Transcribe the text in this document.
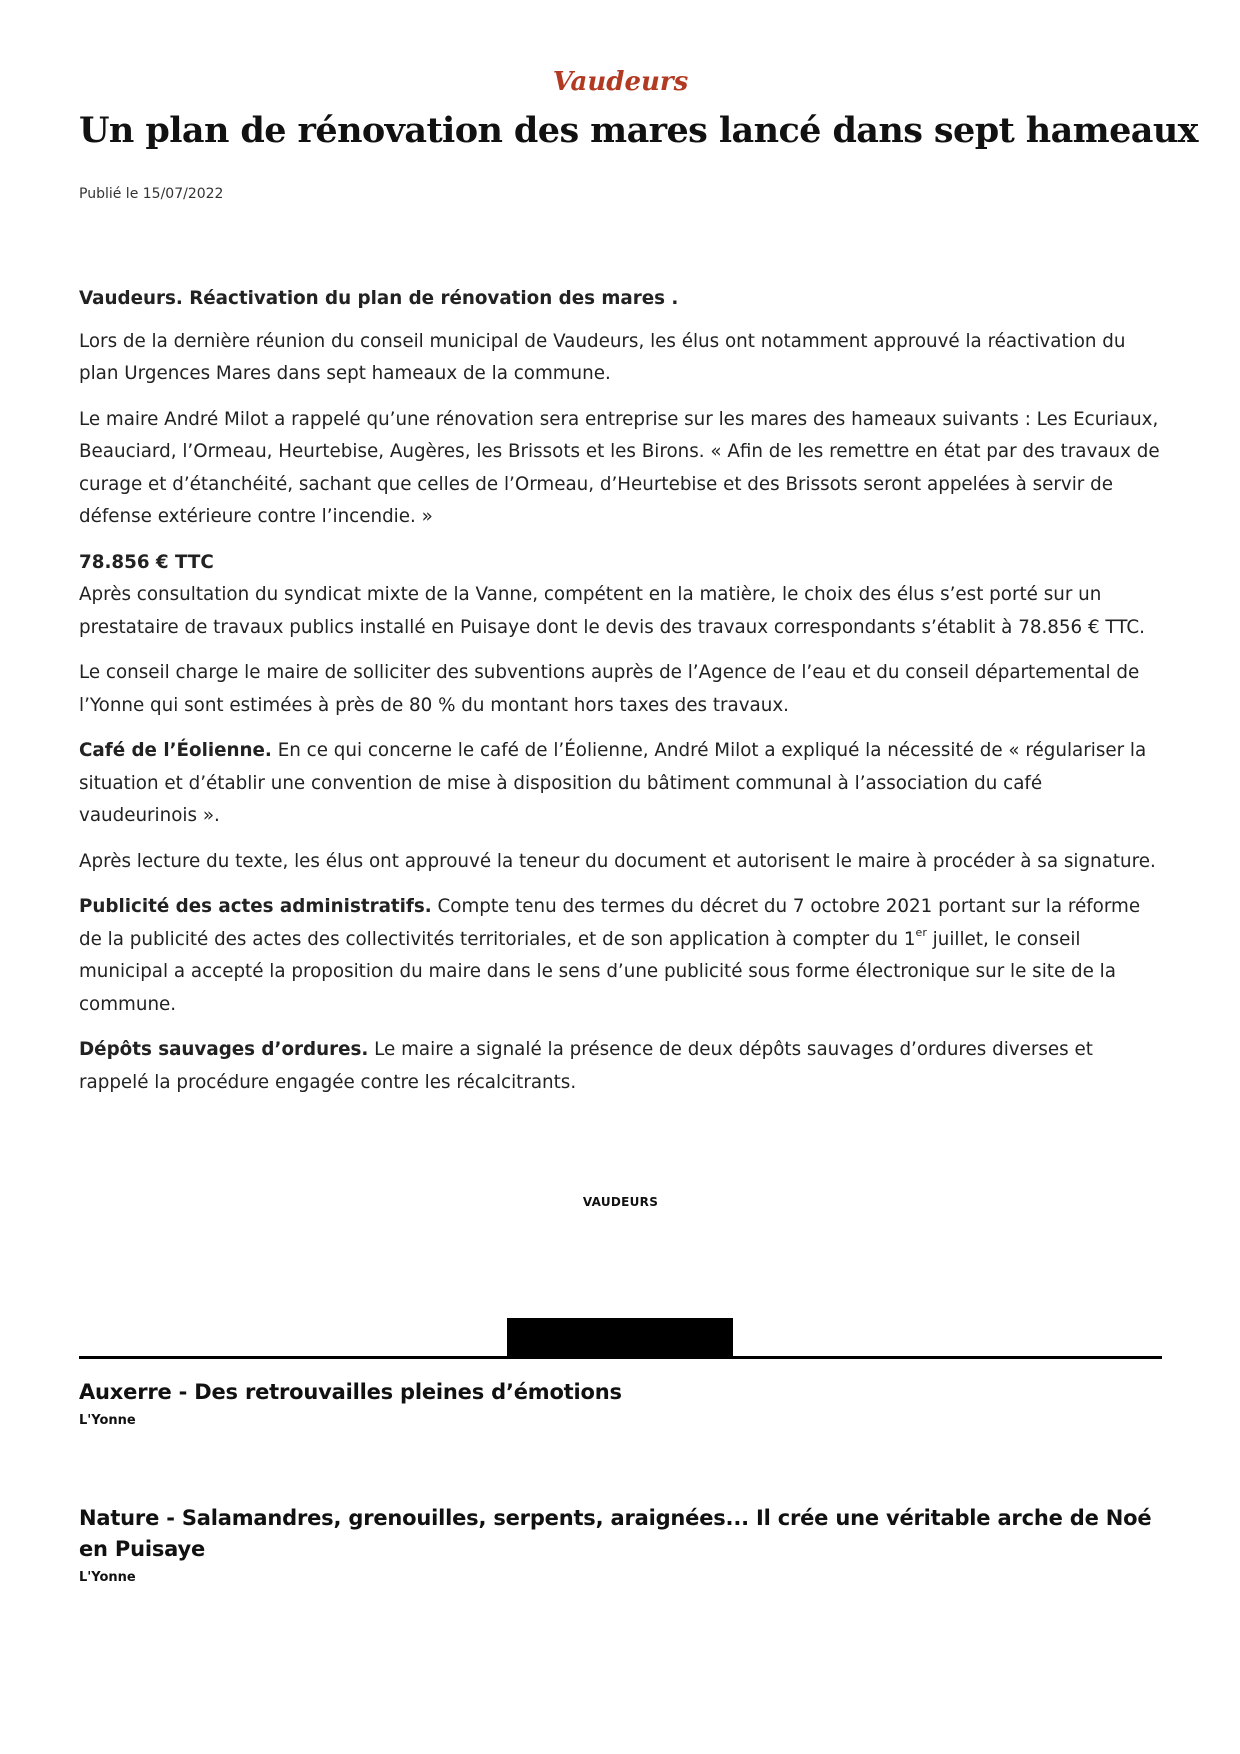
Vaudeurs
Un plan de rénovation des mares lancé dans sept hameaux
Publié le 15/07/2022

Vaudeurs. Réactivation du plan de rénovation des mares .

Lors de la dernière réunion du conseil municipal de Vaudeurs, les élus ont notamment approuvé la réactivation du plan Urgences Mares dans sept hameaux de la commune.

Le maire André Milot a rappelé qu’une rénovation sera entreprise sur les mares des hameaux suivants : Les Ecuriaux, Beauciard, l’Ormeau, Heurtebise, Augères, les Brissots et les Birons. « Afin de les remettre en état par des travaux de curage et d’étanchéité, sachant que celles de l’Ormeau, d’Heurtebise et des Brissots seront appelées à servir de défense extérieure contre l’incendie. »

78.856 € TTC
Après consultation du syndicat mixte de la Vanne, compétent en la matière, le choix des élus s’est porté sur un prestataire de travaux publics installé en Puisaye dont le devis des travaux correspondants s’établit à 78.856 € TTC.

Le conseil charge le maire de solliciter des subventions auprès de l’Agence de l’eau et du conseil départemental de l’Yonne qui sont estimées à près de 80 % du montant hors taxes des travaux.

Café de l’Éolienne. En ce qui concerne le café de l’Éolienne, André Milot a expliqué la nécessité de « régulariser la situation et d’établir une convention de mise à disposition du bâtiment communal à l’association du café vaudeurinois ».

Après lecture du texte, les élus ont approuvé la teneur du document et autorisent le maire à procéder à sa signature.

Publicité des actes administratifs. Compte tenu des termes du décret du 7 octobre 2021 portant sur la réforme de la publicité des actes des collectivités territoriales, et de son application à compter du 1er juillet, le conseil municipal a accepté la proposition du maire dans le sens d’une publicité sous forme électronique sur le site de la commune.

Dépôts sauvages d’ordures. Le maire a signalé la présence de deux dépôts sauvages d’ordures diverses et rappelé la procédure engagée contre les récalcitrants.

VAUDEURS
Auxerre - Des retrouvailles pleines d’émotions
L'Yonne
Nature - Salamandres, grenouilles, serpents, araignées... Il crée une véritable arche de Noé en Puisaye
L'Yonne
